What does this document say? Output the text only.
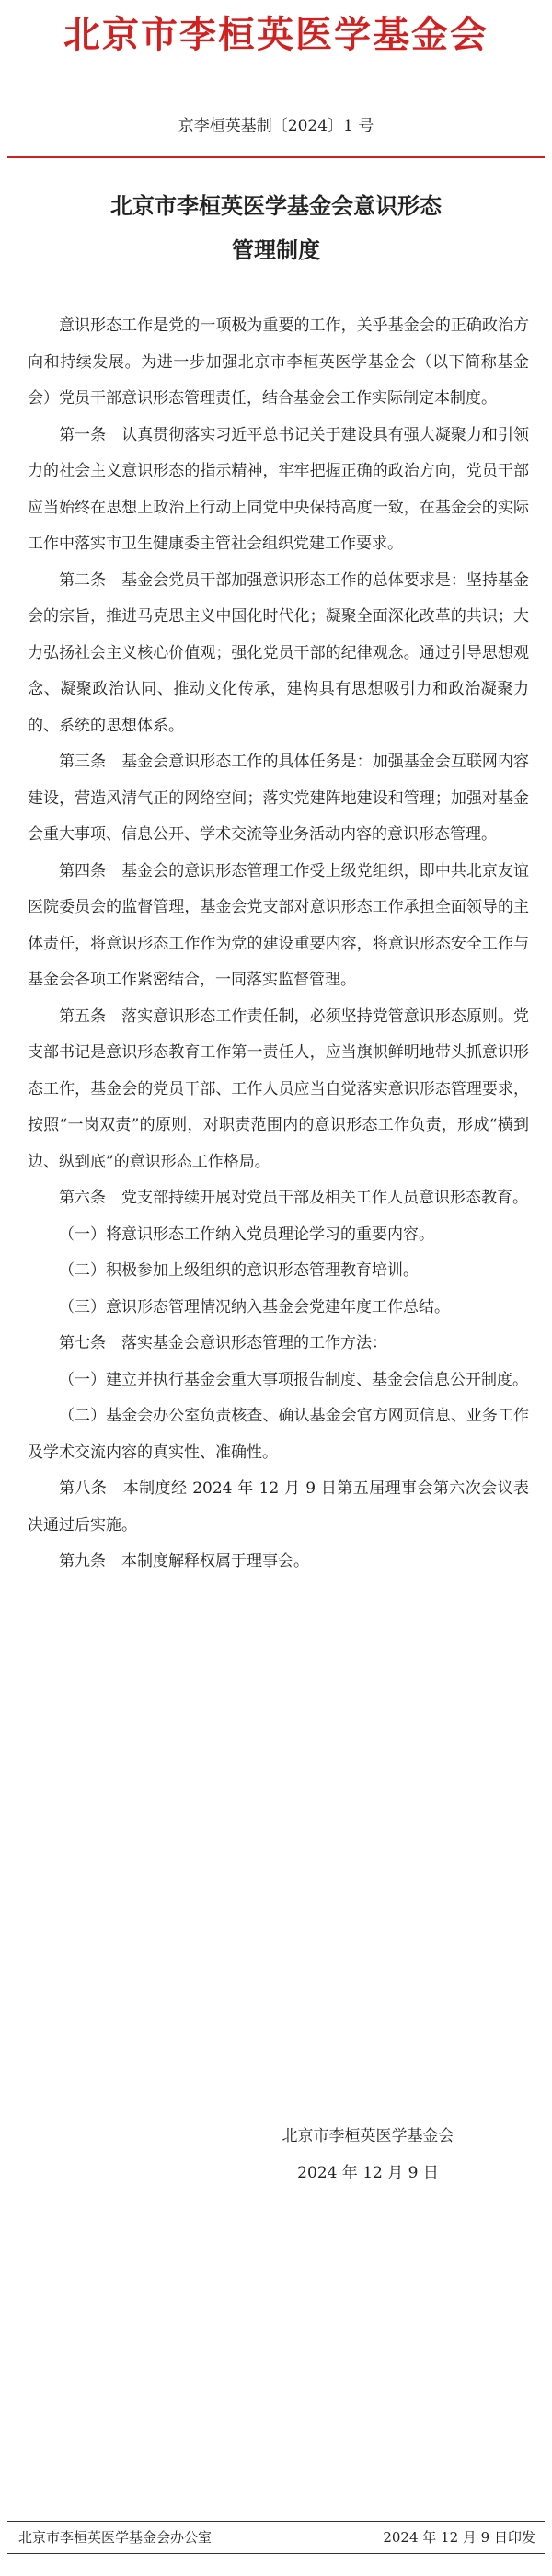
北京市李桓英医学基金会
京李桓英基制〔2024〕1 号
北京市李桓英医学基金会意识形态
管理制度

意识形态工作是党的一项极为重要的工作，关乎基金会的正确政治方向和持续发展。为进一步加强北京市李桓英医学基金会（以下简称基金会）党员干部意识形态管理责任，结合基金会工作实际制定本制度。

第一条　认真贯彻落实习近平总书记关于建设具有强大凝聚力和引领力的社会主义意识形态的指示精神，牢牢把握正确的政治方向，党员干部应当始终在思想上政治上行动上同党中央保持高度一致，在基金会的实际工作中落实市卫生健康委主管社会组织党建工作要求。

第二条　基金会党员干部加强意识形态工作的总体要求是：坚持基金会的宗旨，推进马克思主义中国化时代化；凝聚全面深化改革的共识；大力弘扬社会主义核心价值观；强化党员干部的纪律观念。通过引导思想观念、凝聚政治认同、推动文化传承，建构具有思想吸引力和政治凝聚力的、系统的思想体系。

第三条　基金会意识形态工作的具体任务是：加强基金会互联网内容建设，营造风清气正的网络空间；落实党建阵地建设和管理；加强对基金会重大事项、信息公开、学术交流等业务活动内容的意识形态管理。

第四条　基金会的意识形态管理工作受上级党组织，即中共北京友谊医院委员会的监督管理，基金会党支部对意识形态工作承担全面领导的主体责任，将意识形态工作作为党的建设重要内容，将意识形态安全工作与基金会各项工作紧密结合，一同落实监督管理。

第五条　落实意识形态工作责任制，必须坚持党管意识形态原则。党支部书记是意识形态教育工作第一责任人，应当旗帜鲜明地带头抓意识形态工作，基金会的党员干部、工作人员应当自觉落实意识形态管理要求，按照“一岗双责”的原则，对职责范围内的意识形态工作负责，形成“横到边、纵到底”的意识形态工作格局。

第六条　党支部持续开展对党员干部及相关工作人员意识形态教育。

（一）将意识形态工作纳入党员理论学习的重要内容。

（二）积极参加上级组织的意识形态管理教育培训。

（三）意识形态管理情况纳入基金会党建年度工作总结。

第七条　落实基金会意识形态管理的工作方法：

（一）建立并执行基金会重大事项报告制度、基金会信息公开制度。

（二）基金会办公室负责核查、确认基金会官方网页信息、业务工作及学术交流内容的真实性、准确性。

第八条　本制度经 2024 年 12 月 9 日第五届理事会第六次会议表决通过后实施。

第九条　本制度解释权属于理事会。

北京市李桓英医学基金会
2024 年 12 月 9 日
北京市李桓英医学基金会办公室	2024 年 12 月 9 日印发
